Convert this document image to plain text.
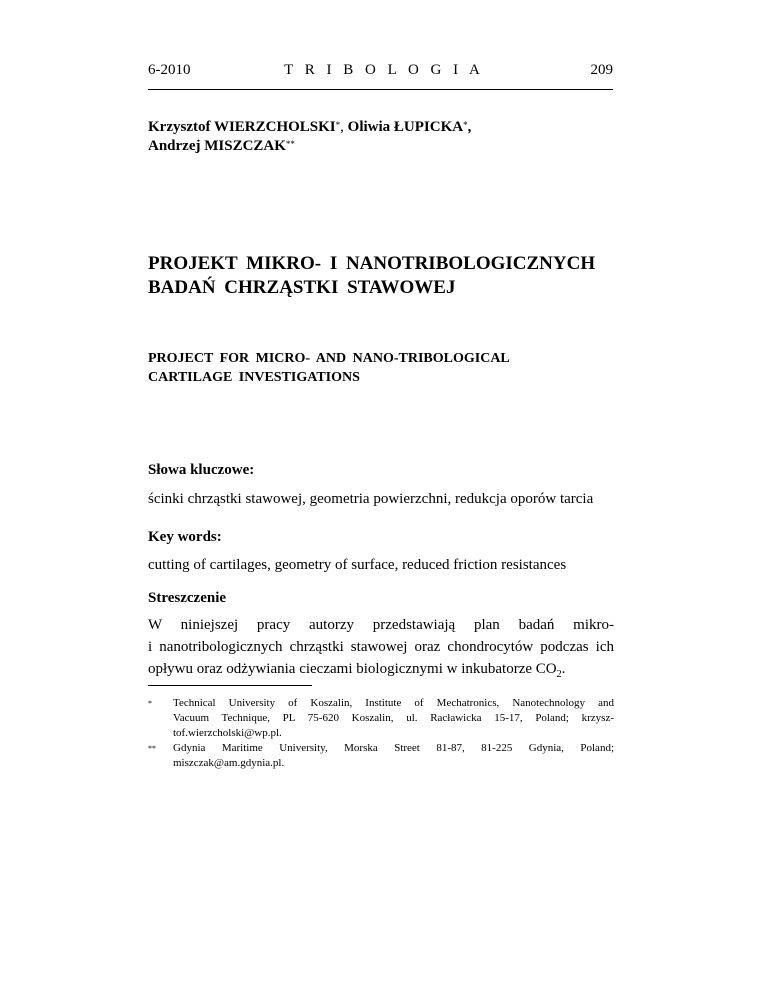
6-2010	T R I B O L O G I A	209
Krzysztof WIERZCHOLSKI*, Oliwia ŁUPICKA*,
Andrzej MISZCZAK**
PROJEKT MIKRO- I NANOTRIBOLOGICZNYCH
BADAŃ CHRZĄSTKI STAWOWEJ
PROJECT FOR MICRO- AND NANO-TRIBOLOGICAL
CARTILAGE INVESTIGATIONS
Słowa kluczowe:
ścinki chrząstki stawowej, geometria powierzchni, redukcja oporów tarcia
Key words:
cutting of cartilages, geometry of surface, reduced friction resistances
Streszczenie
W niniejszej pracy autorzy przedstawiają plan badań mikro-
i nanotribologicznych chrząstki stawowej oraz chondrocytów podczas ich
opływu oraz odżywiania cieczami biologicznymi w inkubatorze $CO_2$.
* Technical University of Koszalin, Institute of Mechatronics, Nanotechnology and
Vacuum Technique, PL 75-620 Koszalin, ul. Racławicka 15-17, Poland; krzysz-
tof.wierzcholski@wp.pl.
** Gdynia Maritime University, Morska Street 81-87, 81-225 Gdynia, Poland;
miszczak@am.gdynia.pl.
